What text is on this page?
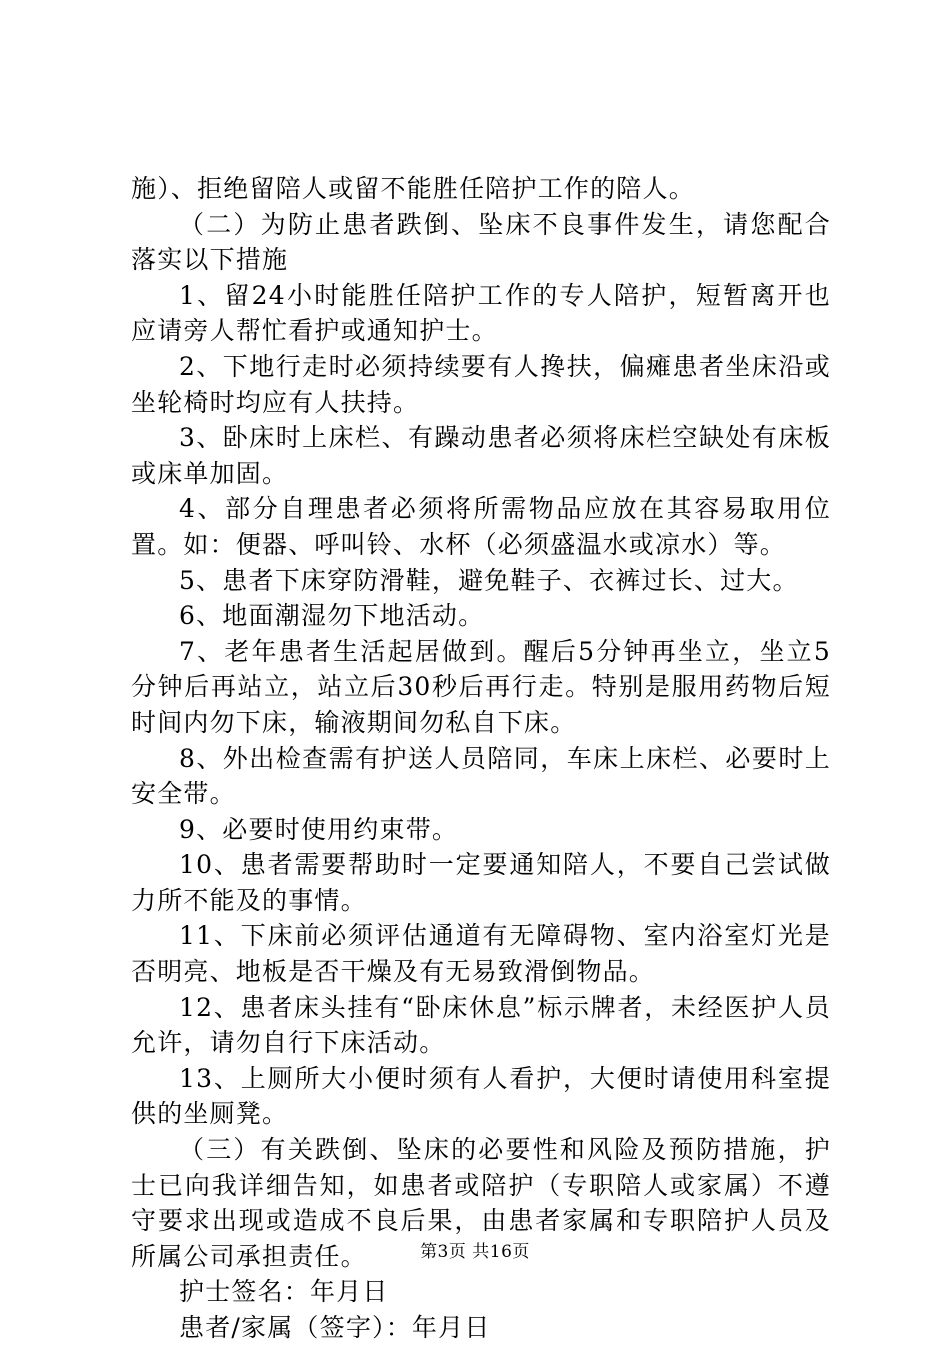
施）、拒绝留陪人或留不能胜任陪护工作的陪人。

（二）为防止患者跌倒、坠床不良事件发生，请您配合落实以下措施

1、留24小时能胜任陪护工作的专人陪护，短暂离开也应请旁人帮忙看护或通知护士。

2、下地行走时必须持续要有人搀扶，偏瘫患者坐床沿或坐轮椅时均应有人扶持。

3、卧床时上床栏、有躁动患者必须将床栏空缺处有床板或床单加固。

4、部分自理患者必须将所需物品应放在其容易取用位置。如：便器、呼叫铃、水杯（必须盛温水或凉水）等。

5、患者下床穿防滑鞋，避免鞋子、衣裤过长、过大。

6、地面潮湿勿下地活动。

7、老年患者生活起居做到。醒后5分钟再坐立，坐立5分钟后再站立，站立后30秒后再行走。特别是服用药物后短时间内勿下床，输液期间勿私自下床。

8、外出检查需有护送人员陪同，车床上床栏、必要时上安全带。

9、必要时使用约束带。

10、患者需要帮助时一定要通知陪人，不要自己尝试做力所不能及的事情。

11、下床前必须评估通道有无障碍物、室内浴室灯光是否明亮、地板是否干燥及有无易致滑倒物品。

12、患者床头挂有“卧床休息”标示牌者，未经医护人员允许，请勿自行下床活动。

13、上厕所大小便时须有人看护，大便时请使用科室提供的坐厕凳。

（三）有关跌倒、坠床的必要性和风险及预防措施，护士已向我详细告知，如患者或陪护（专职陪人或家属）不遵守要求出现或造成不良后果，由患者家属和专职陪护人员及所属公司承担责任。

护士签名：年月日

患者/家属（签字）：年月日

第3页 共16页
